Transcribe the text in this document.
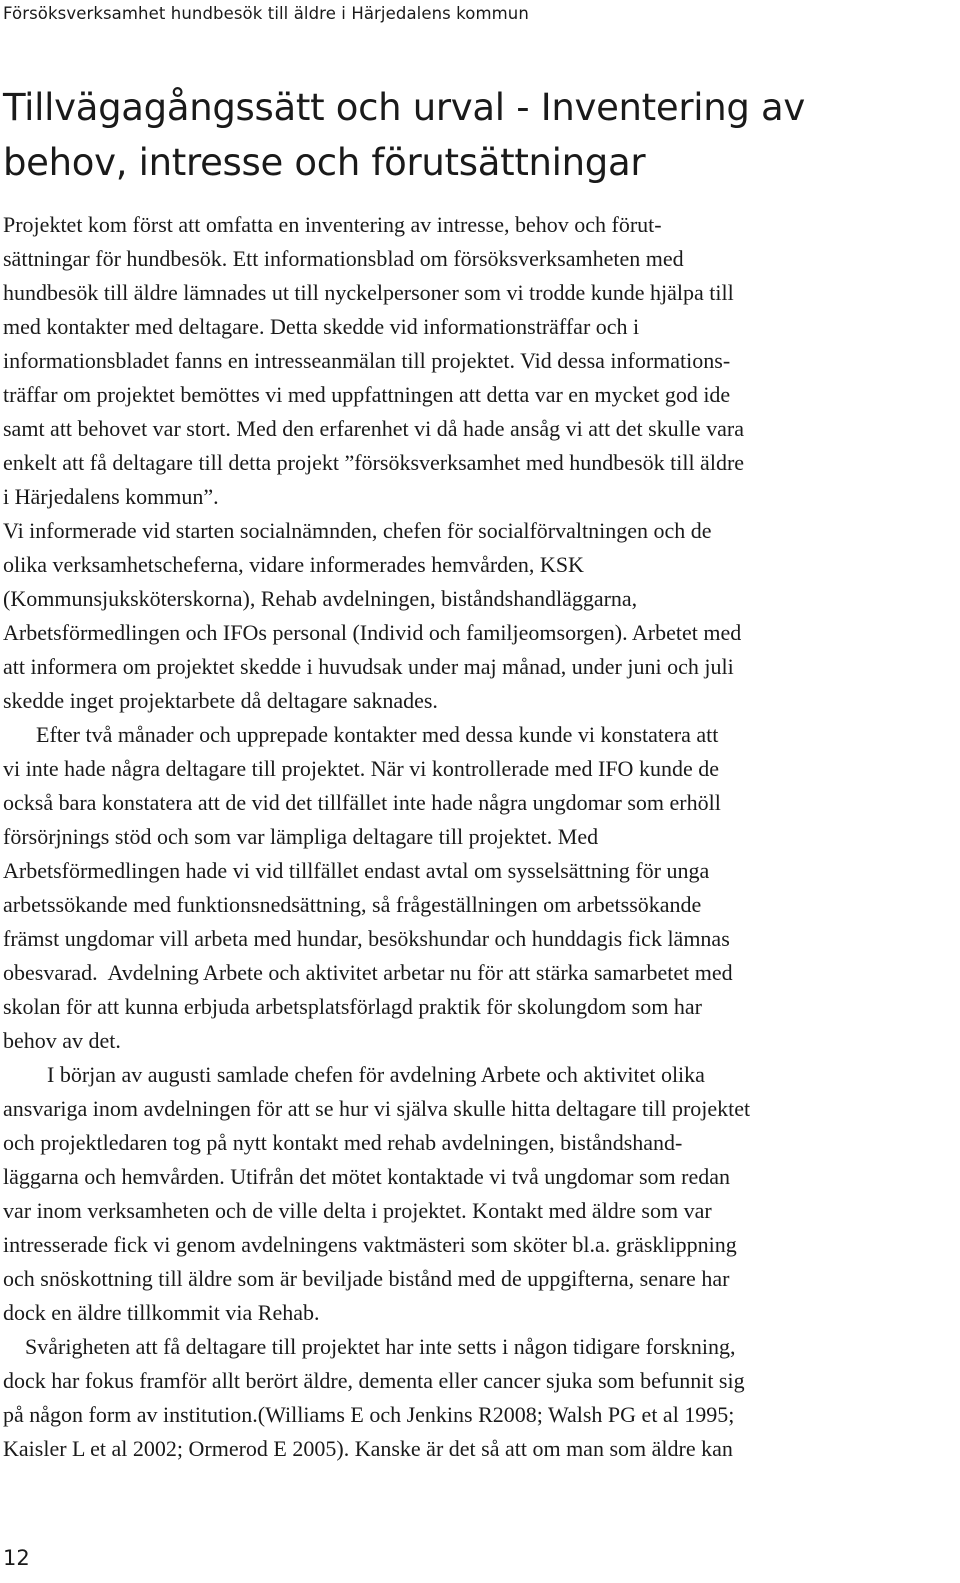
Försöksverksamhet hundbesök till äldre i Härjedalens kommun
Tillvägagångssätt och urval - Inventering av
behov, intresse och förutsättningar
Projektet kom först att omfatta en inventering av intresse, behov och förut-
sättningar för hundbesök. Ett informationsblad om försöksverksamheten med
hundbesök till äldre lämnades ut till nyckelpersoner som vi trodde kunde hjälpa till
med kontakter med deltagare. Detta skedde vid informationsträffar och i
informationsbladet fanns en intresseanmälan till projektet. Vid dessa informations-
träffar om projektet bemöttes vi med uppfattningen att detta var en mycket god ide
samt att behovet var stort. Med den erfarenhet vi då hade ansåg vi att det skulle vara
enkelt att få deltagare till detta projekt ”försöksverksamhet med hundbesök till äldre
i Härjedalens kommun”.
Vi informerade vid starten socialnämnden, chefen för socialförvaltningen och de
olika verksamhetscheferna, vidare informerades hemvården, KSK
(Kommunsjuksköterskorna), Rehab avdelningen, biståndshandläggarna,
Arbetsförmedlingen och IFOs personal (Individ och familjeomsorgen). Arbetet med
att informera om projektet skedde i huvudsak under maj månad, under juni och juli
skedde inget projektarbete då deltagare saknades.
Efter två månader och upprepade kontakter med dessa kunde vi konstatera att
vi inte hade några deltagare till projektet. När vi kontrollerade med IFO kunde de
också bara konstatera att de vid det tillfället inte hade några ungdomar som erhöll
försörjnings stöd och som var lämpliga deltagare till projektet. Med
Arbetsförmedlingen hade vi vid tillfället endast avtal om sysselsättning för unga
arbetssökande med funktionsnedsättning, så frågeställningen om arbetssökande
främst ungdomar vill arbeta med hundar, besökshundar och hunddagis fick lämnas
obesvarad.  Avdelning Arbete och aktivitet arbetar nu för att stärka samarbetet med
skolan för att kunna erbjuda arbetsplatsförlagd praktik för skolungdom som har
behov av det.
I början av augusti samlade chefen för avdelning Arbete och aktivitet olika
ansvariga inom avdelningen för att se hur vi själva skulle hitta deltagare till projektet
och projektledaren tog på nytt kontakt med rehab avdelningen, biståndshand-
läggarna och hemvården. Utifrån det mötet kontaktade vi två ungdomar som redan
var inom verksamheten och de ville delta i projektet. Kontakt med äldre som var
intresserade fick vi genom avdelningens vaktmästeri som sköter bl.a. gräsklippning
och snöskottning till äldre som är beviljade bistånd med de uppgifterna, senare har
dock en äldre tillkommit via Rehab.
Svårigheten att få deltagare till projektet har inte setts i någon tidigare forskning,
dock har fokus framför allt berört äldre, dementa eller cancer sjuka som befunnit sig
på någon form av institution.(Williams E och Jenkins R2008; Walsh PG et al 1995;
Kaisler L et al 2002; Ormerod E 2005). Kanske är det så att om man som äldre kan
12
